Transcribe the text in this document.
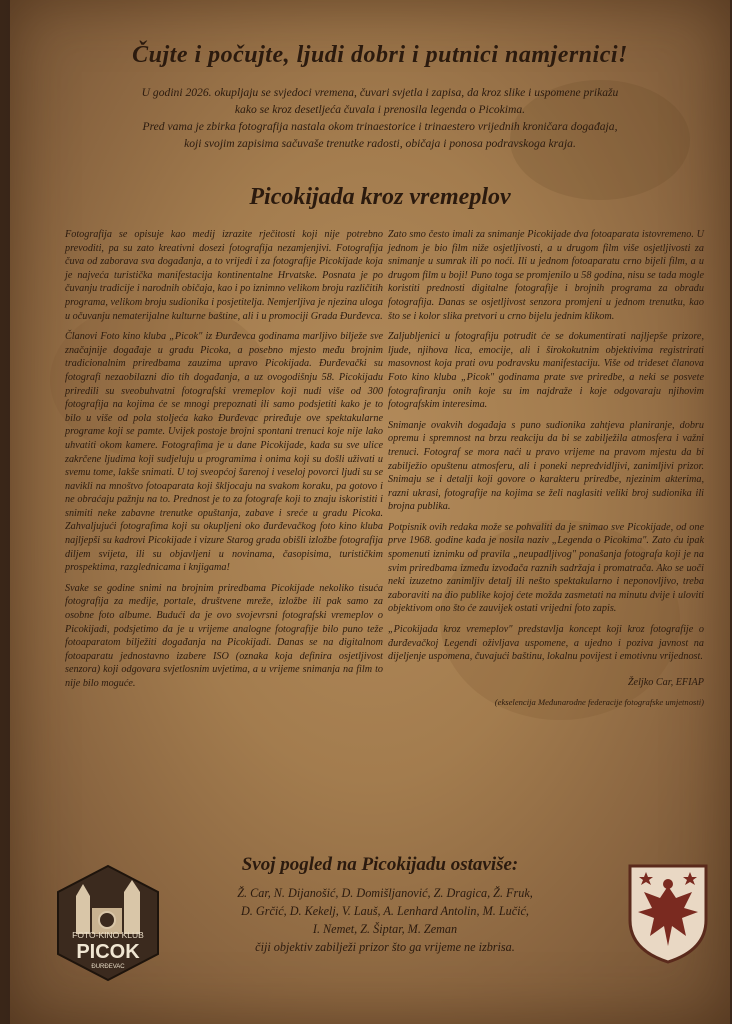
Čujte i počujte, ljudi dobri i putnici namjernici!

U godini 2026. okupljaju se svjedoci vremena, čuvari svjetla i zapisa, da kroz slike i uspomene prikažu

kako se kroz desetljeća čuvala i prenosila legenda o Picokima.

Pred vama je zbirka fotografija nastala okom trinaestorice i trinaestero vrijednih kroničara događaja,

koji svojim zapisima sačuvaše trenutke radosti, običaja i ponosa podravskoga kraja.

Picokijada kroz vremeplov

Fotografija se opisuje kao medij izrazite rječitosti koji nije potrebno prevoditi, pa su zato kreativni dosezi fotografija nezamjenjivi. Fotografija čuva od zaborava sva događanja, a to vrijedi i za fotografije Picokijade koja je najveća turistička manifestacija kontinentalne Hrvatske. Posnata je po čuvanju tradicije i narodnih običaja, kao i po iznimno velikom broju različitih programa, velikom broju sudionika i posjetitelja. Nemjerljiva je njezina uloga u očuvanju nematerijalne kulturne baštine, ali i u promociji Grada Đurđevca.

Članovi Foto kino kluba „Picok" iz Đurđevca godinama marljivo bilježe sve značajnije događaje u gradu Picoka, a posebno mjesto među brojnim tradicionalnim priredbama zauzima upravo Picokijada. Đurđevački su fotografi nezaobilazni dio tih događanja, a uz ovogodišnju 58. Picokijadu priredili su sveobuhvatni fotografski vremeplov koji nudi više od 300 fotografija na kojima će se mnogi prepoznati ili samo podsjetiti kako je to bilo u više od pola stoljeća kako Đurđevac priređuje ove spektakularne programe koji se pamte. Uvijek postoje brojni spontani trenuci koje nije lako uhvatiti okom kamere. Fotografima je u dane Picokijade, kada su sve ulice zakrčene ljudima koji sudjeluju u programima i onima koji su došli uživati u svemu tome, lakše snimati. U toj sveopćoj šarenoj i veseloj povorci ljudi su se navikli na mnoštvo fotoaparata koji škljocaju na svakom koraku, pa gotovo i ne obraćaju pažnju na to. Prednost je to za fotografe koji to znaju iskoristiti i snimiti neke zabavne trenutke opuštanja, zabave i sreće u gradu Picoka. Zahvaljujući fotografima koji su okupljeni oko đurđevačkog foto kino kluba najljepši su kadrovi Picokijade i vizure Starog grada obišli izložbe fotografija diljem svijeta, ili su objavljeni u novinama, časopisima, turističkim prospektima, razglednicama i knjigama!

Svake se godine snimi na brojnim priredbama Picokijade nekoliko tisuća fotografija za medije, portale, društvene mreže, izložbe ili pak samo za osobne foto albume. Budući da je ovo svojevrsni fotografski vremeplov o Picokijadi, podsjetimo da je u vrijeme analogne fotografije bilo puno teže fotoaparatom bilježiti događanja na Picokijadi. Danas se na digitalnom fotoaparatu jednostavno izabere ISO (oznaka koja definira osjetljivost senzora) koji odgovara svjetlosnim uvjetima, a u vrijeme snimanja na film to nije bilo moguće.

Zato smo često imali za snimanje Picokijade dva fotoaparata istovremeno. U jednom je bio film niže osjetljivosti, a u drugom film više osjetljivosti za snimanje u sumrak ili po noći. Ili u jednom fotoaparatu crno bijeli film, a u drugom film u boji! Puno toga se promjenilo u 58 godina, nisu se tada mogle koristiti prednosti digitalne fotografije i brojnih programa za obradu fotografija. Danas se osjetljivost senzora promjeni u jednom trenutku, kao što se i kolor slika pretvori u crno bijelu jednim klikom.

Zaljubljenici u fotografiju potrudit će se dokumentirati najljepše prizore, ljude, njihova lica, emocije, ali i širokokutnim objektivima registrirati masovnost koja prati ovu podravsku manifestaciju. Više od trideset članova Foto kino kluba „Picok" godinama prate sve priredbe, a neki se posvete fotografiranju onih koje su im najdraže i koje odgovaraju njihovim fotografskim interesima.

Snimanje ovakvih događaja s puno sudionika zahtjeva planiranje, dobru opremu i spremnost na brzu reakciju da bi se zabilježila atmosfera i važni trenuci. Fotograf se mora naći u pravo vrijeme na pravom mjestu da bi zabilježio opuštenu atmosferu, ali i poneki nepredvidljivi, zanimljivi prizor. Snimaju se i detalji koji govore o karakteru priredbe, njezinim akterima, razni ukrasi, fotografije na kojima se želi naglasiti veliki broj sudionika ili brojna publika.

Potpisnik ovih redaka može se pohvaliti da je snimao sve Picokijade, od one prve 1968. godine kada je nosila naziv „Legenda o Picokima". Zato ću ipak spomenuti iznimku od pravila „neupadljivog" ponašanja fotografa koji je na svim priredbama između izvođača raznih sadržaja i promatrača. Ako se uoči neki izuzetno zanimljiv detalj ili nešto spektakularno i neponovljivo, treba zaboraviti na dio publike kojoj ćete možda zasmetati na minutu dvije i uloviti objektivom ono što će zauvijek ostati vrijedni foto zapis.

„Picokijada kroz vremeplov" predstavlja koncept koji kroz fotografije o đurđevačkoj Legendi oživljava uspomene, a ujedno i poziva javnost na dijeljenje uspomena, čuvajući baštinu, lokalnu povijest i emotivnu vrijednost.

Željko Car, EFIAP

(ekselencija Međunarodne federacije fotografske umjetnosti)

FOTO-KINO KLUB
PICOK
ĐURĐEVAC
Svoj pogled na Picokijadu ostaviše:

Ž. Car, N. Dijanošić, D. Domišljanović, Z. Dragica, Ž. Fruk,

D. Grčić, D. Kekelj, V. Lauš, A. Lenhard Antolin, M. Lučić,

I. Nemet, Z. Šiptar, M. Zeman

čiji objektiv zabilježi prizor što ga vrijeme ne izbrisa.
